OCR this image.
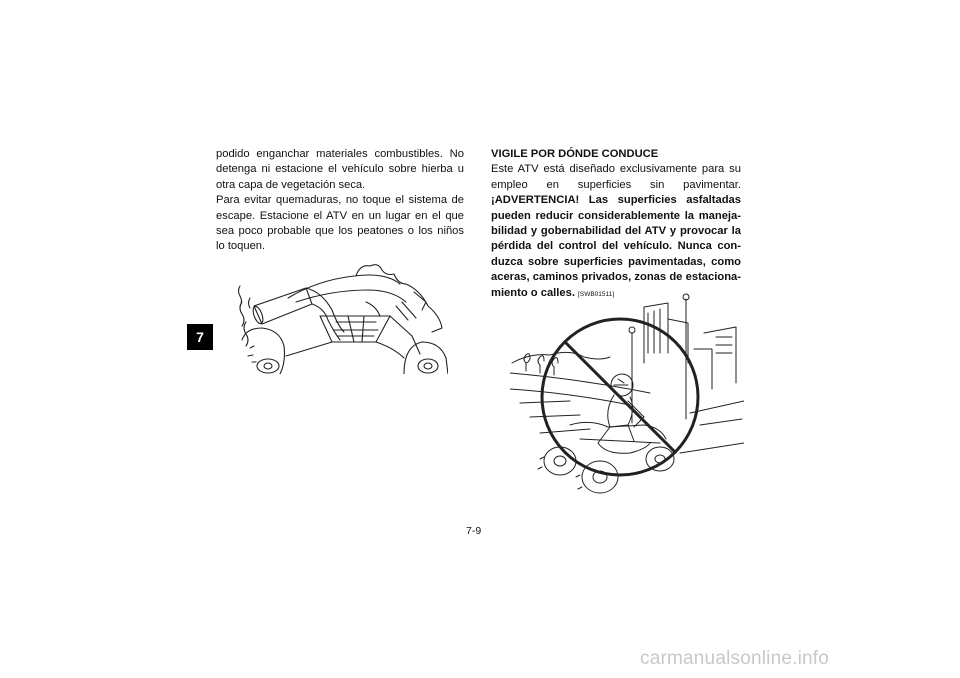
7

podido enganchar materiales combustibles. No detenga ni estacione el vehículo sobre hierba u otra capa de vegetación seca.

Para evitar quemaduras, no toque el sistema de escape. Estacione el ATV en un lugar en el que sea poco probable que los peatones o los niños lo toquen.

VIGILE POR DÓNDE CONDUCE

Este ATV está diseñado exclusivamente para su empleo en superficies sin pavimentar. ¡ADVERTENCIA! Las superficies asfaltadas pueden reducir considerablemente la manejabilidad y gobernabilidad del ATV y provocar la pérdida del control del vehículo. Nunca conduzca sobre superficies pavimentadas, como aceras, caminos privados, zonas de estacionamiento o calles. [SWB01511]

7-9
carmanualsonline.info
